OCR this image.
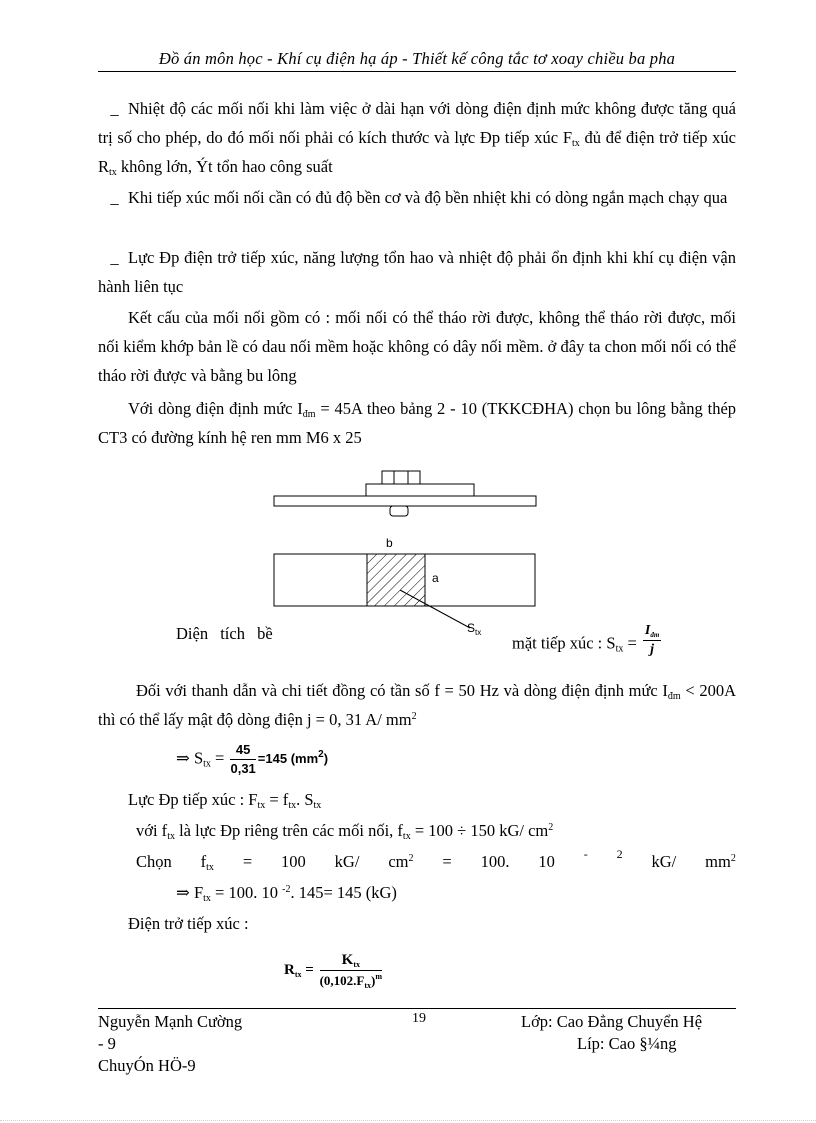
Đồ án môn học - Khí cụ điện hạ áp - Thiết kế công tắc tơ xoay chiều ba pha
_ Nhiệt độ các mối nối khi làm việc ở dài hạn với dòng điện định mức không được tăng quá trị số cho phép, do đó mối nối phải có kích thước và lực Đp tiếp xúc $F_{tx}$ đủ để điện trở tiếp xúc $R_{tx}$ không lớn, Ýt tổn hao công suất
_ Khi tiếp xúc mối nối cần có đủ độ bền cơ và độ bền nhiệt khi có dòng ngắn mạch chạy qua
_ Lực Đp điện trở tiếp xúc, năng lượng tổn hao và nhiệt độ phải ổn định khi khí cụ điện vận hành liên tục
Kết cấu của mối nối gồm có : mối nối có thể tháo rời được, không thể tháo rời được, mối nối kiểm khớp bản lề có dau nối mềm hoặc không có dây nối mềm. ở đây ta chon mối nối có thể tháo rời được và bằng bu lông
Với dòng điện định mức $I_{đm} = 45A$ theo bảng 2 - 10 (TKKCĐHA) chọn bu lông bằng thép CT3 có đường kính hệ ren mm M6 x 25
b
a
$S_{tx}$
Diện tích bề	mặt tiếp xúc : $S_{tx} = \frac{I_{đm}}{j}$
Đối với thanh dẫn và chi tiết đồng có tần số f = 50 Hz và dòng điện định mức $I_{đm} < 200A$ thì có thể lấy mật độ dòng điện j = 0, 31 A/ $mm^2$
⇒ $S_{tx} = \frac{45}{0,31} =145$ $(mm^2)$
Lực Đp tiếp xúc : $F_{tx} = f_{tx}$. $S_{tx}$
với $f_{tx}$ là lực Đp riêng trên các mối nối, $f_{tx} = 100 \div 150$ kG/ $cm^2$
Chọn $f_{tx} = 100$ kG/ $cm^2 = 100$. 10 - 2 kG/ $mm^2$
⇒ $F_{tx} = 100$. 10 $^{-2}$. 145= 145 (kG)
Điện trở tiếp xúc :
$R_{tx} = \frac{K_{tx}}{(0,102.F_{tx})^m}$
Nguyễn Mạnh Cường
- 9
ChuyÓn HÖ-9
19	Lớp: Cao Đẳng Chuyển Hệ
Líp: Cao §¼ng
